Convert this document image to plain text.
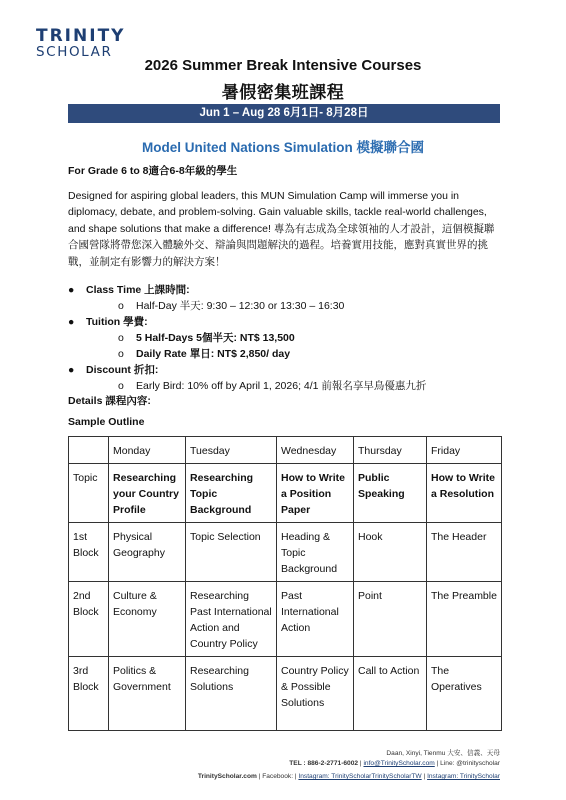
TRINITY
SCHOLAR
2026 Summer Break Intensive Courses
暑假密集班課程
Jun 1 – Aug 28 6月1日- 8月28日
Model United Nations Simulation 模擬聯合國
For Grade 6 to 8適合6-8年級的學生
Designed for aspiring global leaders, this MUN Simulation Camp will immerse you in diplomacy, debate, and problem-solving. Gain valuable skills, tackle real-world challenges, and shape solutions that make a difference! 專為有志成為全球領袖的人才設計，這個模擬聯合國營隊將帶您深入體驗外交、辯論與問題解決的過程。培養實用技能，應對真實世界的挑戰，並制定有影響力的解決方案！
● Class Time 上課時間:
o Half-Day 半天: 9:30 – 12:30 or 13:30 – 16:30
● Tuition 學費:
o 5 Half-Days 5個半天: NT$ 13,500
o Daily Rate 單日: NT$ 2,850/ day
● Discount 折扣:
o Early Bird: 10% off by April 1, 2026; 4/1 前報名享早鳥優惠九折
Details 課程內容:
Sample Outline
	Monday	Tuesday	Wednesday	Thursday	Friday
Topic	Researching your Country Profile	Researching Topic Background	How to Write a Position Paper	Public Speaking	How to Write a Resolution
1st Block	Physical Geography	Topic Selection	Heading & Topic Background	Hook	The Header
2nd Block	Culture & Economy	Researching Past International Action and Country Policy	Past International Action	Point	The Preamble
3rd Block	Politics & Government	Researching Solutions	Country Policy & Possible Solutions	Call to Action	The Operatives
Daan, Xinyi, Tienmu 大安、信義、天母
TEL : 886-2-2771-6002 | info@TrinityScholar.com | Line: @trinityscholar
TrinityScholar.com | Facebook: | Instagram: TrinityScholarTrinityScholarTW | Instagram: TrinityScholar
